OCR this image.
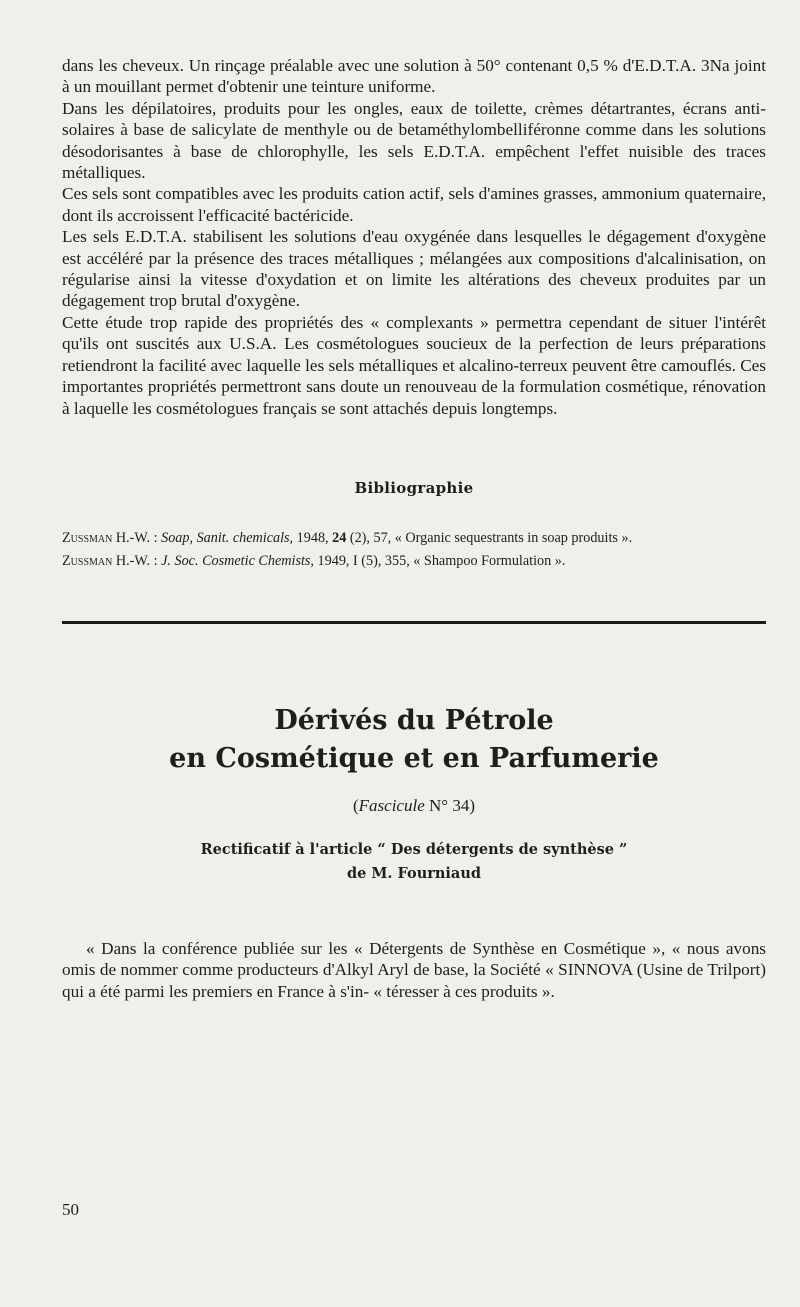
dans les cheveux. Un rinçage préalable avec une solution à 50° contenant 0,5 % d'E.D.T.A. 3Na joint à un mouillant permet d'obtenir une teinture uniforme.

Dans les dépilatoires, produits pour les ongles, eaux de toilette, crèmes détartrantes, écrans anti-solaires à base de salicylate de menthyle ou de betaméthylombelliféronne comme dans les solutions désodorisantes à base de chlorophylle, les sels E.D.T.A. empêchent l'effet nuisible des traces métalliques.

Ces sels sont compatibles avec les produits cation actif, sels d'amines grasses, ammonium quaternaire, dont ils accroissent l'efficacité bactéricide.

Les sels E.D.T.A. stabilisent les solutions d'eau oxygénée dans lesquelles le dégagement d'oxygène est accéléré par la présence des traces métalliques ; mélangées aux compositions d'alcalinisation, on régularise ainsi la vitesse d'oxydation et on limite les altérations des cheveux produites par un dégagement trop brutal d'oxygène.

Cette étude trop rapide des propriétés des « complexants » permettra cependant de situer l'intérêt qu'ils ont suscités aux U.S.A. Les cosmétologues soucieux de la perfection de leurs préparations retiendront la facilité avec laquelle les sels métalliques et alcalino-terreux peuvent être camouflés. Ces importantes propriétés permettront sans doute un renouveau de la formulation cosmétique, rénovation à laquelle les cosmétologues français se sont attachés depuis longtemps.

Bibliographie

Zussman H.-W. : Soap, Sanit. chemicals, 1948, 24 (2), 57, « Organic sequestrants in soap produits ».

Zussman H.-W. : J. Soc. Cosmetic Chemists, 1949, I (5), 355, « Shampoo Formulation ».

Dérivés du Pétrole

en Cosmétique et en Parfumerie

(Fascicule N° 34)

Rectificatif à l'article “ Des détergents de synthèse ”

de M. Fourniaud

« Dans la conférence publiée sur les « Détergents de Synthèse en Cosmétique », « nous avons omis de nommer comme producteurs d'Alkyl Aryl de base, la Société « SINNOVA (Usine de Trilport) qui a été parmi les premiers en France à s'in- « téresser à ces produits ».

50
